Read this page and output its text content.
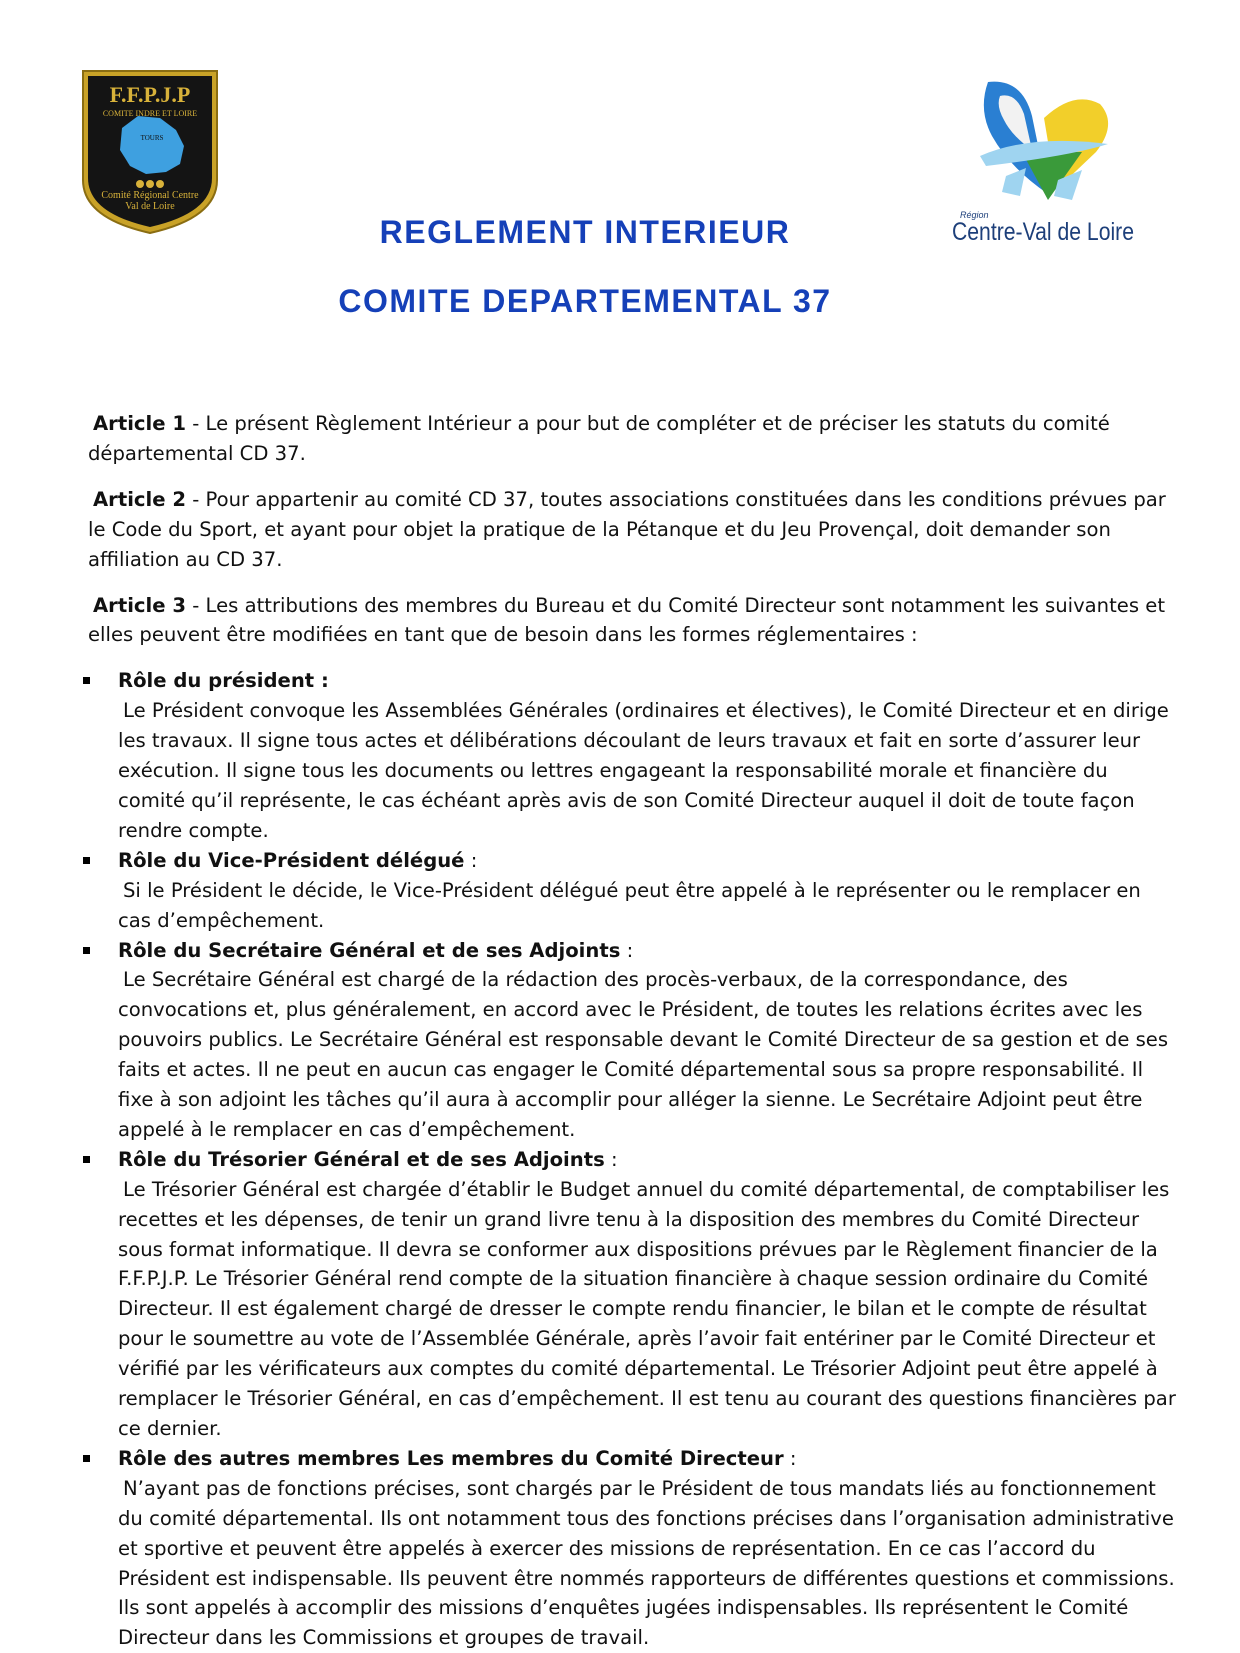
F.F.P.J.P
TOURS
COMITE INDRE ET LOIRE
Comité Régional Centre Val de Loire
Région
Centre-Val de Loire
REGLEMENT INTERIEUR
COMITE DEPARTEMENTAL 37

Article 1 - Le présent Règlement Intérieur a pour but de compléter et de préciser les statuts du comité départemental CD 37.

Article 2 - Pour appartenir au comité CD 37, toutes associations constituées dans les conditions prévues par le Code du Sport, et ayant pour objet la pratique de la Pétanque et du Jeu Provençal, doit demander son affiliation au CD 37.

Article 3 - Les attributions des membres du Bureau et du Comité Directeur sont notamment les suivantes et elles peuvent être modifiées en tant que de besoin dans les formes réglementaires :

Rôle du président :
Le Président convoque les Assemblées Générales (ordinaires et électives), le Comité Directeur et en dirige les travaux. Il signe tous actes et délibérations découlant de leurs travaux et fait en sorte d’assurer leur exécution. Il signe tous les documents ou lettres engageant la responsabilité morale et financière du comité qu’il représente, le cas échéant après avis de son Comité Directeur auquel il doit de toute façon rendre compte.
Rôle du Vice-Président délégué :
Si le Président le décide, le Vice-Président délégué peut être appelé à le représenter ou le remplacer en cas d’empêchement.
Rôle du Secrétaire Général et de ses Adjoints :
Le Secrétaire Général est chargé de la rédaction des procès-verbaux, de la correspondance, des convocations et, plus généralement, en accord avec le Président, de toutes les relations écrites avec les pouvoirs publics. Le Secrétaire Général est responsable devant le Comité Directeur de sa gestion et de ses faits et actes. Il ne peut en aucun cas engager le Comité départemental sous sa propre responsabilité. Il fixe à son adjoint les tâches qu’il aura à accomplir pour alléger la sienne. Le Secrétaire Adjoint peut être appelé à le remplacer en cas d’empêchement.
Rôle du Trésorier Général et de ses Adjoints :
Le Trésorier Général est chargée d’établir le Budget annuel du comité départemental, de comptabiliser les recettes et les dépenses, de tenir un grand livre tenu à la disposition des membres du Comité Directeur sous format informatique. Il devra se conformer aux dispositions prévues par le Règlement financier de la F.F.P.J.P. Le Trésorier Général rend compte de la situation financière à chaque session ordinaire du Comité Directeur. Il est également chargé de dresser le compte rendu financier, le bilan et le compte de résultat pour le soumettre au vote de l’Assemblée Générale, après l’avoir fait entériner par le Comité Directeur et vérifié par les vérificateurs aux comptes du comité départemental. Le Trésorier Adjoint peut être appelé à remplacer le Trésorier Général, en cas d’empêchement. Il est tenu au courant des questions financières par ce dernier.
Rôle des autres membres Les membres du Comité Directeur :
N’ayant pas de fonctions précises, sont chargés par le Président de tous mandats liés au fonctionnement du comité départemental. Ils ont notamment tous des fonctions précises dans l’organisation administrative et sportive et peuvent être appelés à exercer des missions de représentation. En ce cas l’accord du Président est indispensable. Ils peuvent être nommés rapporteurs de différentes questions et commissions. Ils sont appelés à accomplir des missions d’enquêtes jugées indispensables. Ils représentent le Comité Directeur dans les Commissions et groupes de travail.
